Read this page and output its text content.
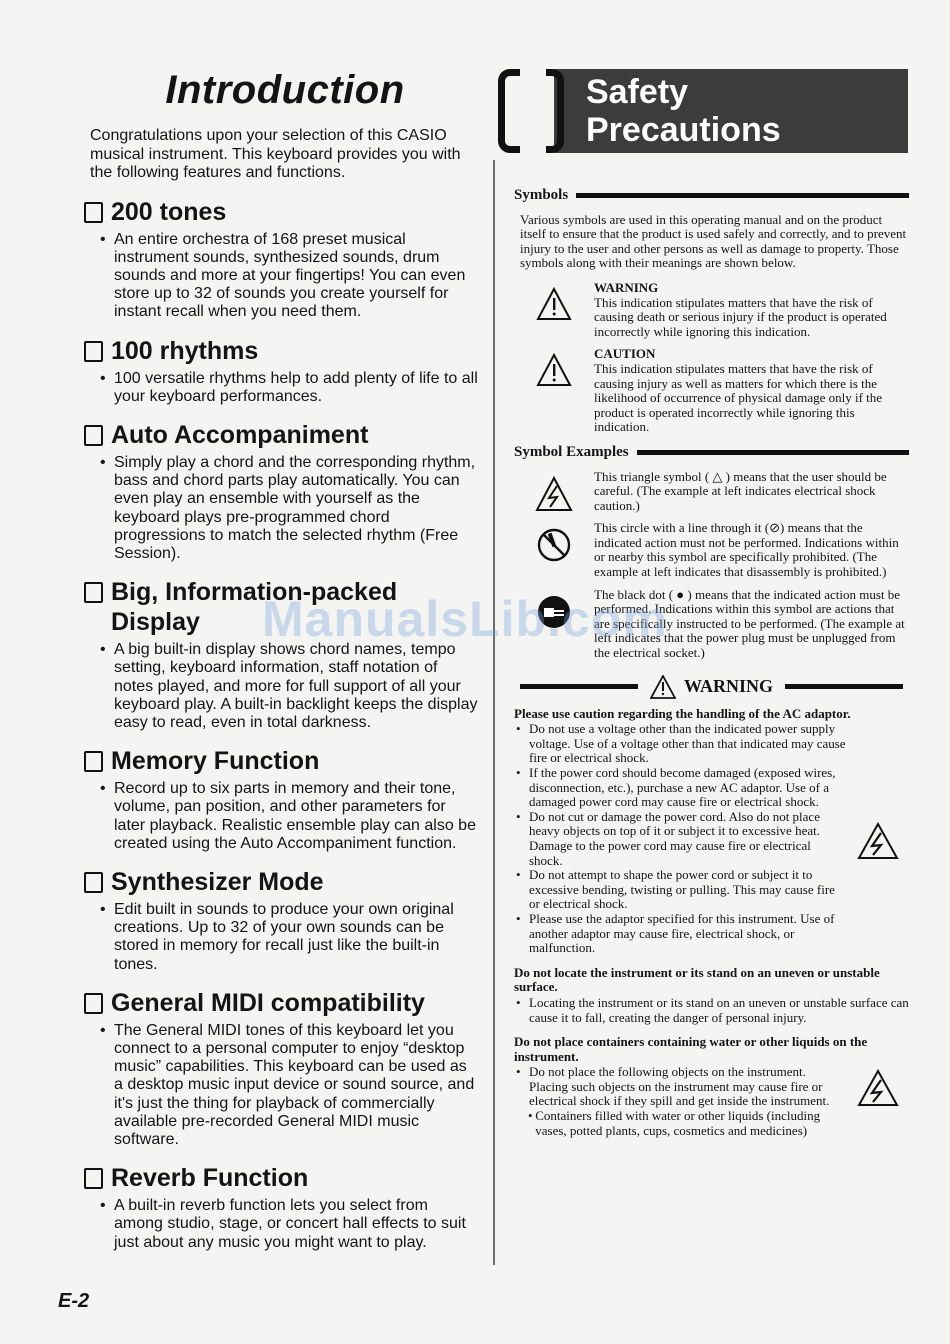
Introduction
Congratulations upon your selection of this CASIO musical instrument. This keyboard provides you with the following features and functions.
200 tones
• An entire orchestra of 168 preset musical instrument sounds, synthesized sounds, drum sounds and more at your fingertips! You can even store up to 32 of sounds you create yourself for instant recall when you need them.
100 rhythms
• 100 versatile rhythms help to add plenty of life to all your keyboard performances.
Auto Accompaniment
• Simply play a chord and the corresponding rhythm, bass and chord parts play automatically. You can even play an ensemble with yourself as the keyboard plays pre-programmed chord progressions to match the selected rhythm (Free Session).
Big, Information-packed Display
• A big built-in display shows chord names, tempo setting, keyboard information, staff notation of notes played, and more for full support of all your keyboard play. A built-in backlight keeps the display easy to read, even in total darkness.
Memory Function
• Record up to six parts in memory and their tone, volume, pan position, and other parameters for later playback. Realistic ensemble play can also be created using the Auto Accompaniment function.
Synthesizer Mode
• Edit built in sounds to produce your own original creations. Up to 32 of your own sounds can be stored in memory for recall just like the built-in tones.
General MIDI compatibility
• The General MIDI tones of this keyboard let you connect to a personal computer to enjoy “desktop music” capabilities. This keyboard can be used as a desktop music input device or sound source, and it's just the thing for playback of commercially available pre-recorded General MIDI music software.
Reverb Function
• A built-in reverb function lets you select from among studio, stage, or concert hall effects to suit just about any music you might want to play.
Safety
Precautions
Symbols
Various symbols are used in this operating manual and on the product itself to ensure that the product is used safely and correctly, and to prevent injury to the user and other persons as well as damage to property. Those symbols along with their meanings are shown below.
WARNING
This indication stipulates matters that have the risk of causing death or serious injury if the product is operated incorrectly while ignoring this indication.
CAUTION
This indication stipulates matters that have the risk of causing injury as well as matters for which there is the likelihood of occurrence of physical damage only if the product is operated incorrectly while ignoring this indication.
Symbol Examples
This triangle symbol ( △ ) means that the user should be careful. (The example at left indicates electrical shock caution.)
This circle with a line through it (⊘) means that the indicated action must not be performed. Indications within or nearby this symbol are specifically prohibited. (The example at left indicates that disassembly is prohibited.)
The black dot ( ● ) means that the indicated action must be performed. Indications within this symbol are actions that are specifically instructed to be performed. (The example at left indicates that the power plug must be unplugged from the electrical socket.)
WARNING
Please use caution regarding the handling of the AC adaptor.
• Do not use a voltage other than the indicated power supply voltage. Use of a voltage other than that indicated may cause fire or electrical shock.
• If the power cord should become damaged (exposed wires, disconnection, etc.), purchase a new AC adaptor. Use of a damaged power cord may cause fire or electrical shock.
• Do not cut or damage the power cord. Also do not place heavy objects on top of it or subject it to excessive heat. Damage to the power cord may cause fire or electrical shock.
• Do not attempt to shape the power cord or subject it to excessive bending, twisting or pulling. This may cause fire or electrical shock.
• Please use the adaptor specified for this instrument. Use of another adaptor may cause fire, electrical shock, or malfunction.
Do not locate the instrument or its stand on an uneven or unstable surface.
• Locating the instrument or its stand on an uneven or unstable surface can cause it to fall, creating the danger of personal injury.
Do not place containers containing water or other liquids on the instrument.
• Do not place the following objects on the instrument. Placing such objects on the instrument may cause fire or electrical shock if they spill and get inside the instrument.
• Containers filled with water or other liquids (including vases, potted plants, cups, cosmetics and medicines)
ManualsLib.com
E-2
